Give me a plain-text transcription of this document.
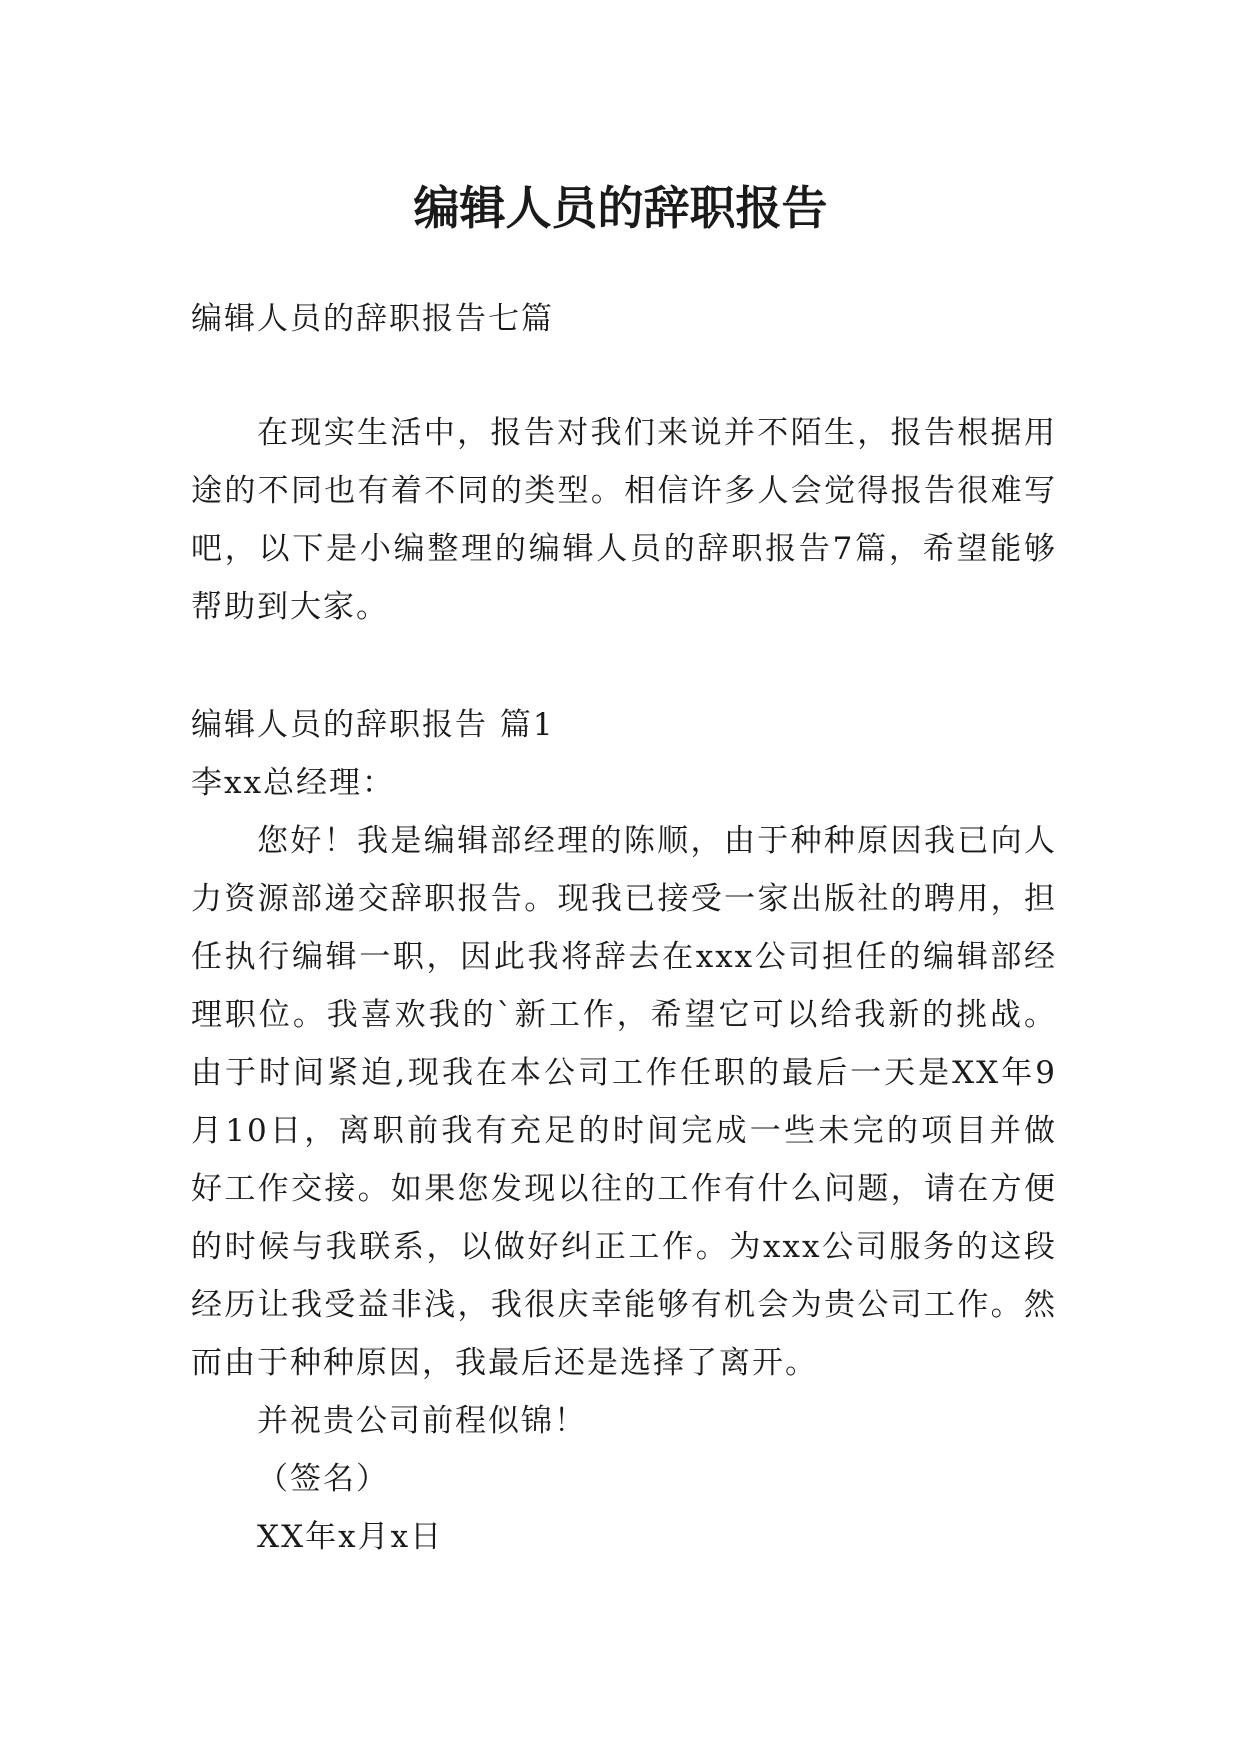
编辑人员的辞职报告

编辑人员的辞职报告七篇

在现实生活中，报告对我们来说并不陌生，报告根据用途的不同也有着不同的类型。相信许多人会觉得报告很难写吧，以下是小编整理的编辑人员的辞职报告7篇，希望能够帮助到大家。

编辑人员的辞职报告 篇1

李xx总经理：

您好！我是编辑部经理的陈顺，由于种种原因我已向人力资源部递交辞职报告。现我已接受一家出版社的聘用，担任执行编辑一职，因此我将辞去在xxx公司担任的编辑部经理职位。我喜欢我的`新工作，希望它可以给我新的挑战。由于时间紧迫,现我在本公司工作任职的最后一天是XX年9月10日，离职前我有充足的时间完成一些未完的项目并做好工作交接。如果您发现以往的工作有什么问题，请在方便的时候与我联系，以做好纠正工作。为xxx公司服务的这段经历让我受益非浅，我很庆幸能够有机会为贵公司工作。然而由于种种原因，我最后还是选择了离开。

并祝贵公司前程似锦！

（签名）

XX年x月x日
